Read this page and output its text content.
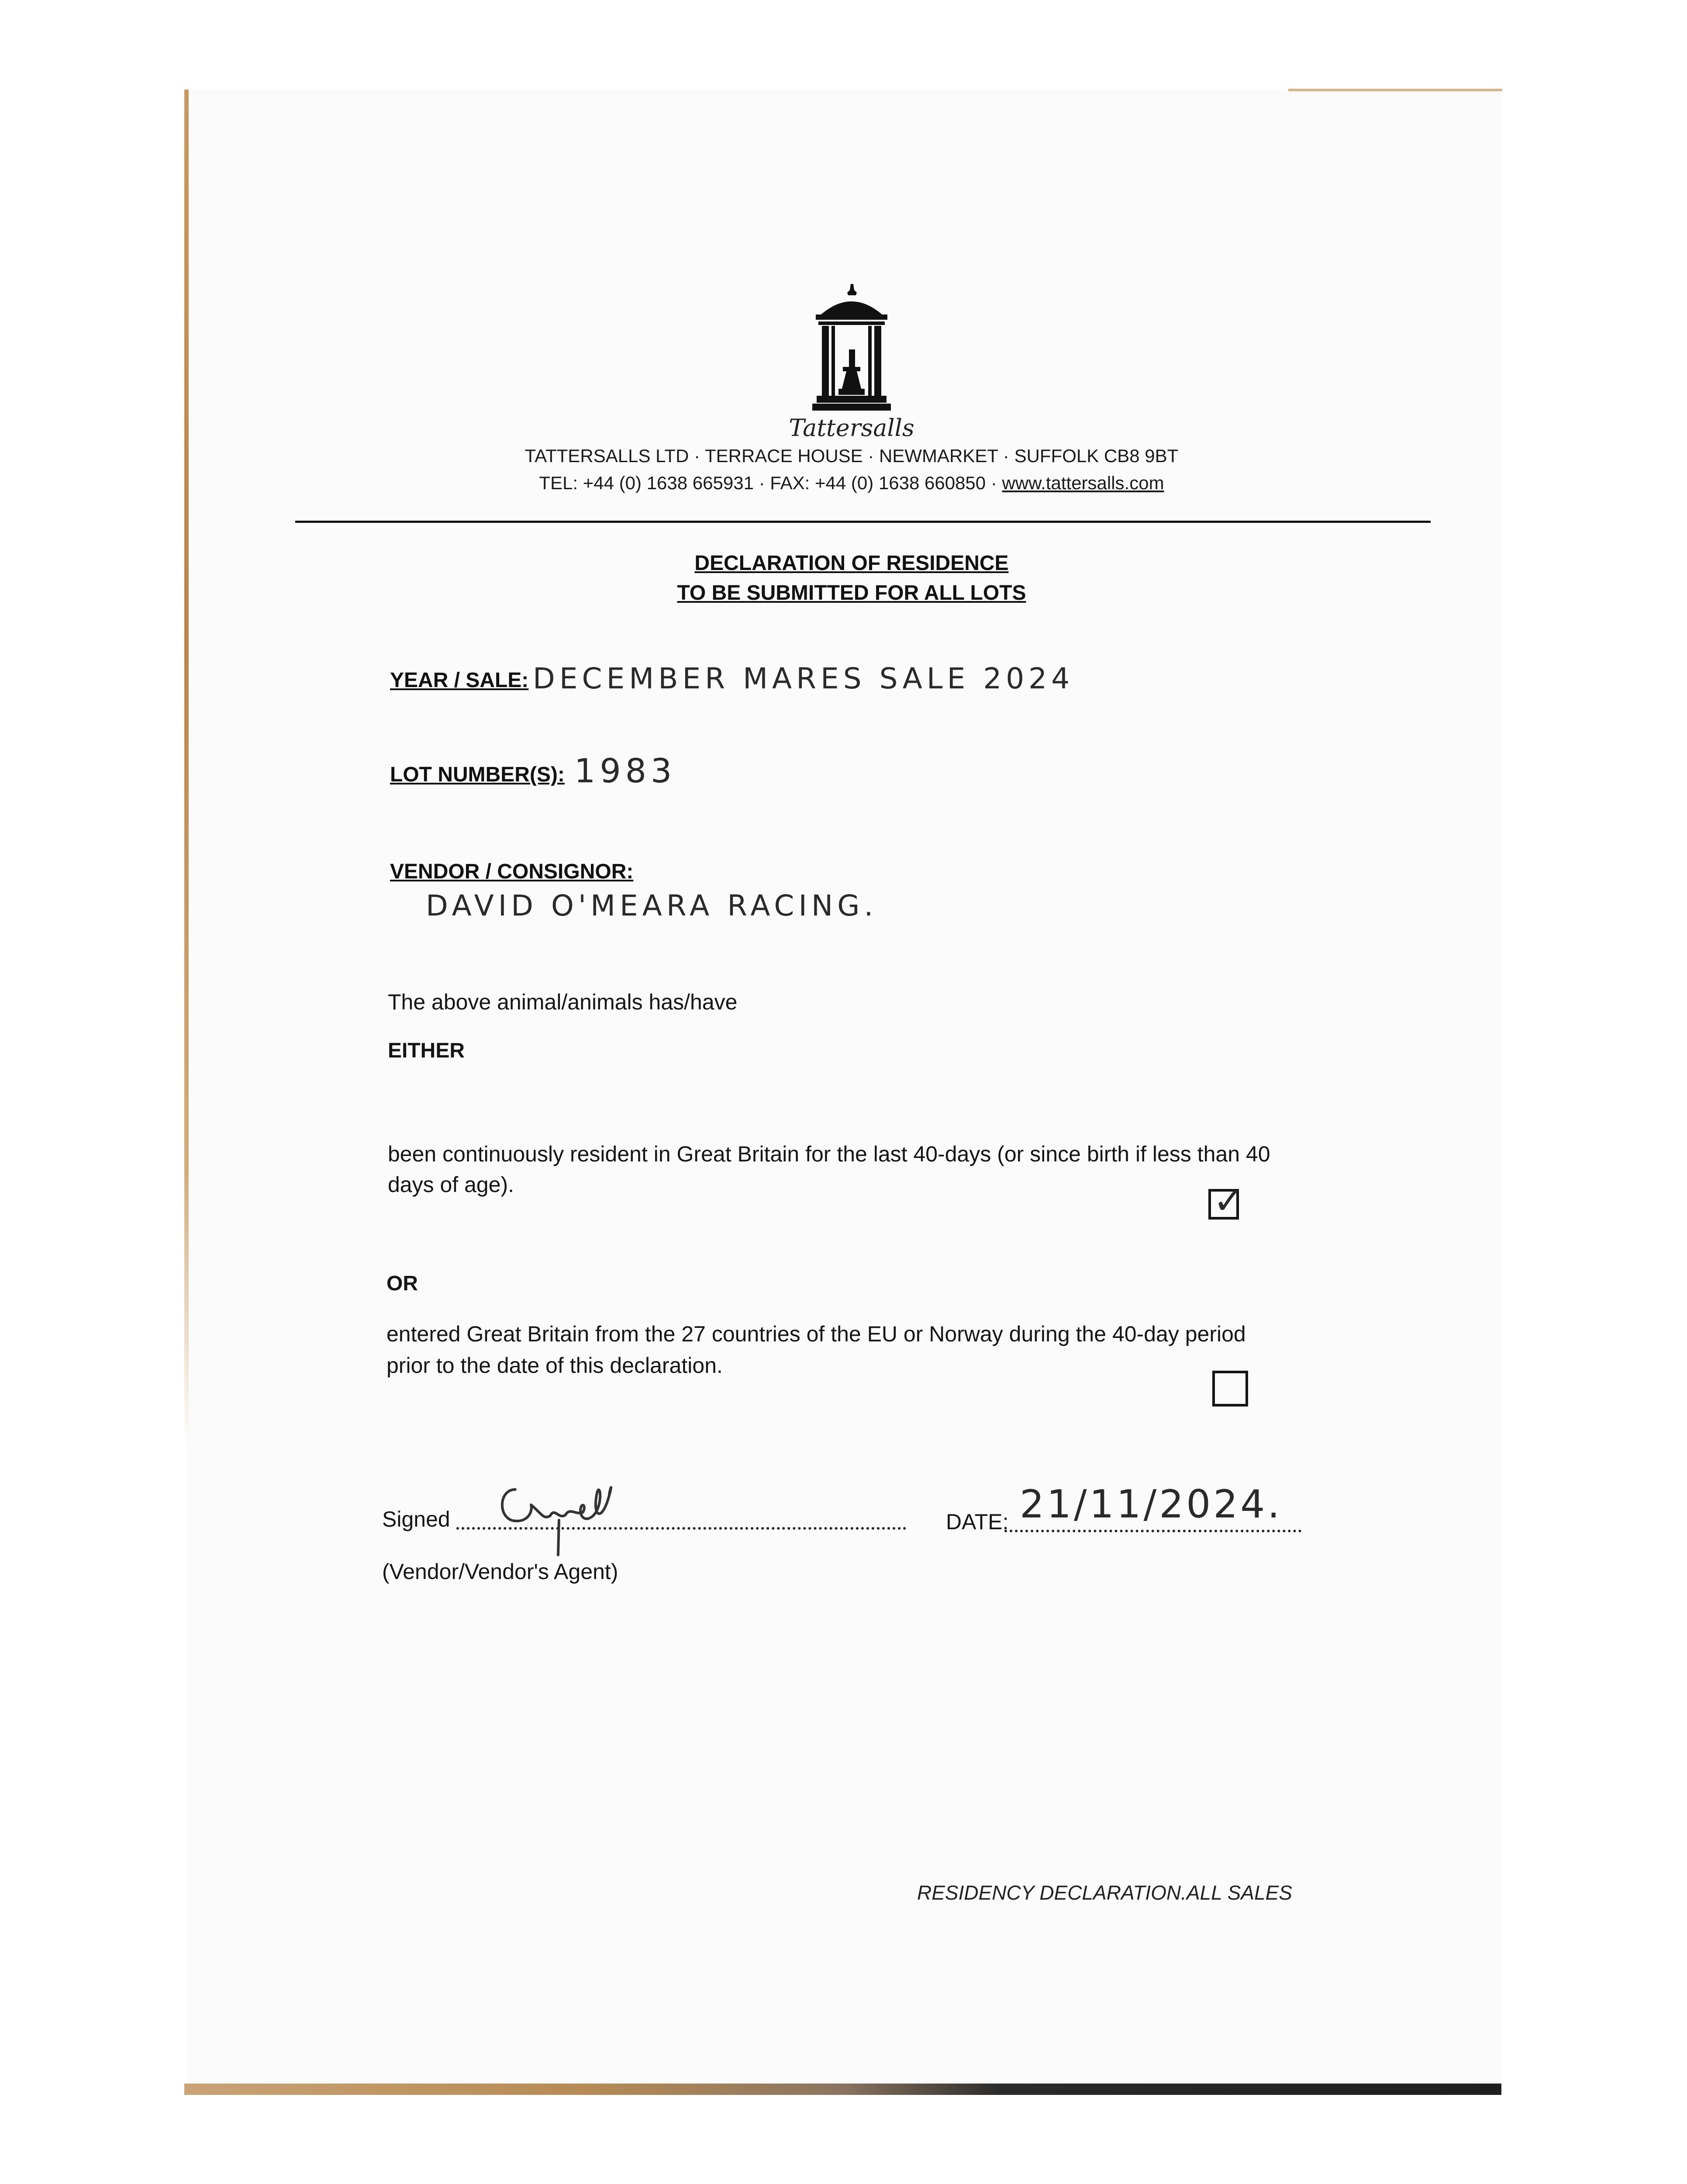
Tattersalls
TATTERSALLS LTD · TERRACE HOUSE · NEWMARKET · SUFFOLK CB8 9BT
TEL: +44 (0) 1638 665931 · FAX: +44 (0) 1638 660850 · www.tattersalls.com
DECLARATION OF RESIDENCE
TO BE SUBMITTED FOR ALL LOTS
YEAR / SALE: DECEMBER MARES SALE 2024
LOT NUMBER(S): 1983
VENDOR / CONSIGNOR:
DAVID O'MEARA RACING.
The above animal/animals has/have
EITHER
been continuously resident in Great Britain for the last 40-days (or since birth if less than 40
days of age).	✓
OR
entered Great Britain from the 27 countries of the EU or Norway during the 40-day period
prior to the date of this declaration.
Signed
(Vendor/Vendor's Agent)
DATE: 21/11/2024.
RESIDENCY DECLARATION.ALL SALES
